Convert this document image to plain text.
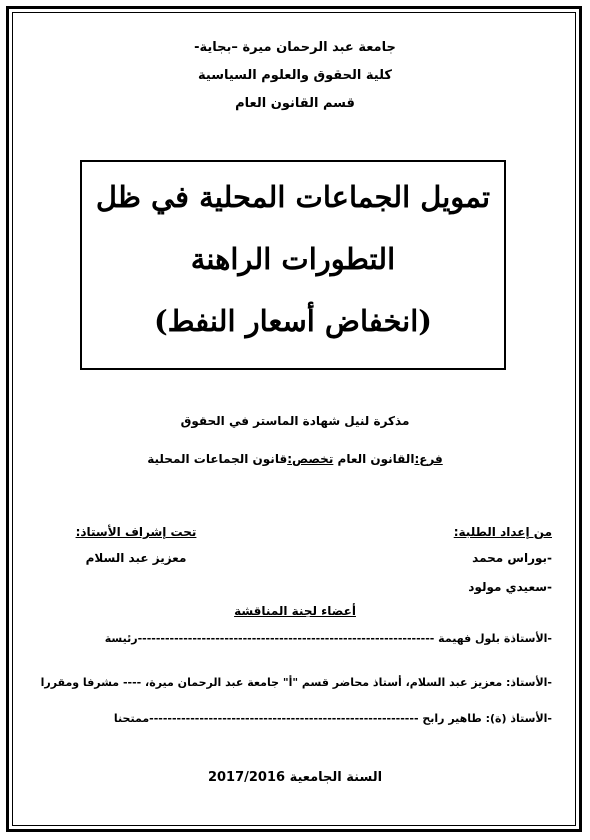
جامعة عبد الرحمان ميرة –بجاية-
كلية الحقوق والعلوم السياسية
قسم القانون العام
تمويل الجماعات المحلية في ظل
التطورات الراهنة
(انخفاض أسعار النفط)
مذكرة لنيل شهادة الماستر في الحقوق
فرع:القانون العام تخصص:قانون الجماعات المحلية
من إعداد الطلبة:
تحت إشراف الأستاذ:
-بوراس محمد
معزيز عبد السلام
-سعيدي مولود
أعضاء لجنة المناقشة
-الأستاذة بلول فهيمة -----------------------------------------------------------------رئيسة
-الأستاذ: معزيز عبد السلام، أستاذ محاضر قسم "أ" جامعة عبد الرحمان ميرة، ---- مشرفا ومقررا
-الأستاذ (ة): طاهير رابح -----------------------------------------------------------ممتحنا
السنة الجامعية 2017/2016
